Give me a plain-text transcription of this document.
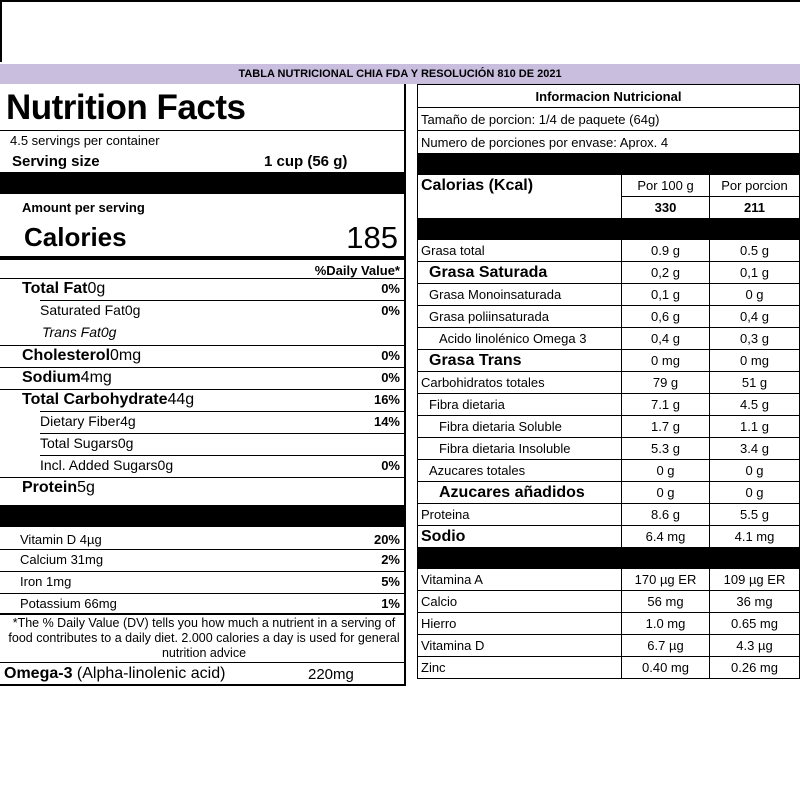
TABLA NUTRICIONAL CHIA FDA Y RESOLUCIÓN 810 DE 2021
Nutrition Facts
4.5 servings per container
Serving size	1 cup (56 g)
Amount per serving
Calories	185
%Daily Value*
Total Fat0g	0%
Saturated Fat0g	0%
Trans Fat0g
Cholesterol0mg	0%
Sodium4mg	0%
Total Carbohydrate44g	16%
Dietary Fiber4g	14%
Total Sugars0g
Incl. Added Sugars0g	0%
Protein5g
Vitamin D 4µg	20%
Calcium 31mg	2%
Iron 1mg	5%
Potassium 66mg	1%
*The % Daily Value (DV) tells you how much a nutrient in a serving of food contributes to a daily diet. 2.000 calories a day is used for general nutrition advice
Omega-3 (Alpha-linolenic acid)	220mg
Informacion Nutricional		
Tamaño de porcion: 1/4 de paquete (64g)		
Numero de porciones por envase: Aprox. 4		

Calorias (Kcal)	Por 100 g	Por porcion
	330	211

Grasa total	0.9 g	0.5 g
Grasa Saturada	0,2 g	0,1 g
Grasa Monoinsaturada	0,1 g	0 g
Grasa poliinsaturada	0,6 g	0,4 g
Acido linolénico Omega 3	0,4 g	0,3 g
Grasa Trans	0 mg	0 mg
Carbohidratos totales	79 g	51 g
Fibra dietaria	7.1 g	4.5 g
Fibra dietaria Soluble	1.7 g	1.1 g
Fibra dietaria Insoluble	5.3 g	3.4 g
Azucares totales	0 g	0 g
Azucares añadidos	0 g	0 g
Proteina	8.6 g	5.5 g
Sodio	6.4 mg	4.1 mg

Vitamina A	170 µg ER	109 µg ER
Calcio	56 mg	36 mg
Hierro	1.0 mg	0.65 mg
Vitamina D	6.7 µg	4.3 µg
Zinc	0.40 mg	0.26 mg
